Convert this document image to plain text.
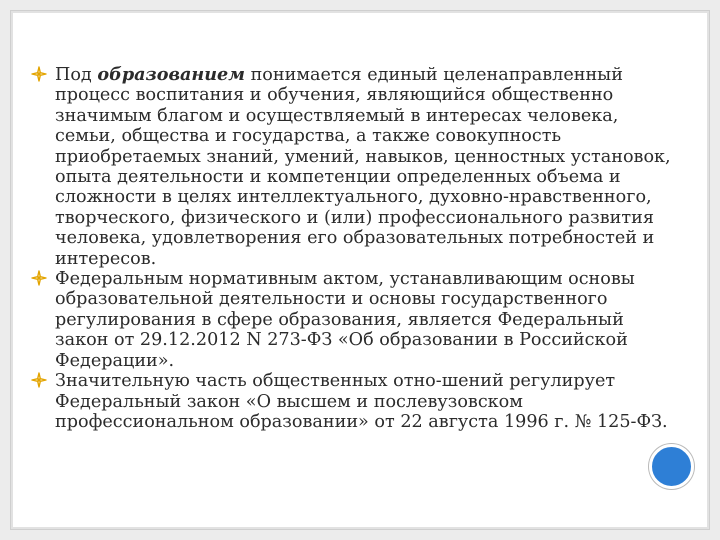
Под образованием понимается единый целенаправленный процесс воспитания и обучения, являющийся общественно значимым благом и осуществляемый в интересах человека, семьи, общества и государства, а также совокупность приобретаемых знаний, умений, навыков, ценностных установок, опыта деятельности и компетенции определенных объема и сложности в целях интеллектуального, духовно-нравственного, творческого, физического и (или) профессионального развития человека, удовлетворения его образовательных потребностей и интересов.

Федеральным нормативным актом, устанавливающим основы образовательной деятельности и основы государственного регулирования в сфере образования, является Федеральный закон от 29.12.2012 N 273-ФЗ «Об образовании в Российской Федерации».

Значительную часть общественных отно-шений регулирует Федеральный закон «О высшем и послевузовском профессиональном образовании» от 22 августа 1996 г. № 125-ФЗ.
